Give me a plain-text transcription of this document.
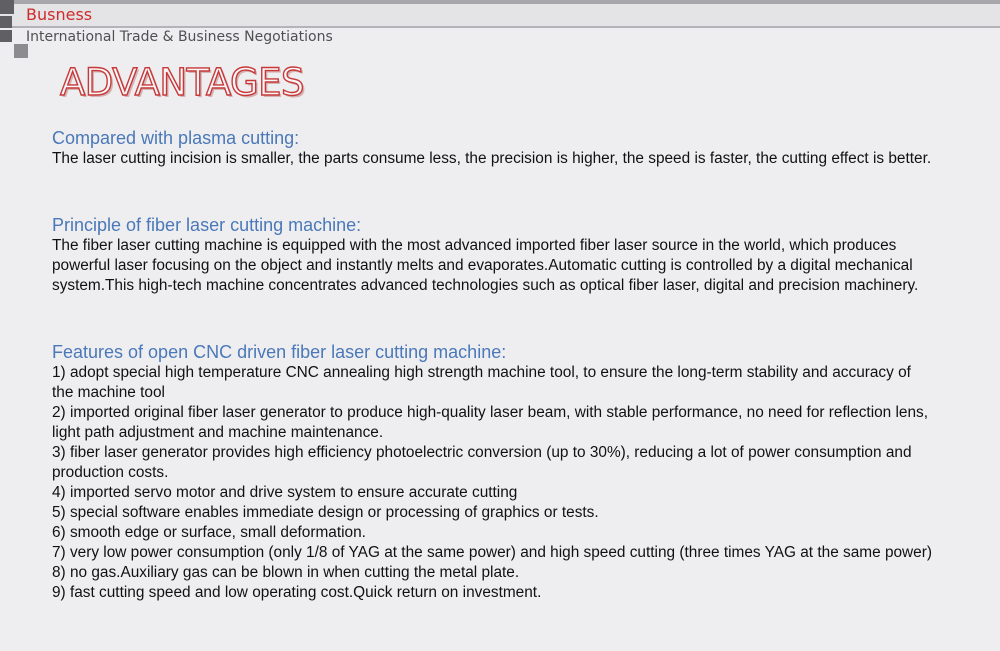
Busness
International Trade & Business Negotiations
ADVANTAGES
Compared with plasma cutting:

The laser cutting incision is smaller, the parts consume less, the precision is higher, the speed is faster, the cutting effect is better.

Principle of fiber laser cutting machine:

The fiber laser cutting machine is equipped with the most advanced imported fiber laser source in the world, which produces powerful laser focusing on the object and instantly melts and evaporates.Automatic cutting is controlled by a digital mechanical system.This high-tech machine concentrates advanced technologies such as optical fiber laser, digital and precision machinery.

Features of open CNC driven fiber laser cutting machine:
1) adopt special high temperature CNC annealing high strength machine tool, to ensure the long-term stability and accuracy of the machine tool
2) imported original fiber laser generator to produce high-quality laser beam, with stable performance, no need for reflection lens, light path adjustment and machine maintenance.
3) fiber laser generator provides high efficiency photoelectric conversion (up to 30%), reducing a lot of power consumption and production costs.
4) imported servo motor and drive system to ensure accurate cutting
5) special software enables immediate design or processing of graphics or tests.
6) smooth edge or surface, small deformation.
7) very low power consumption (only 1/8 of YAG at the same power) and high speed cutting (three times YAG at the same power)
8) no gas.Auxiliary gas can be blown in when cutting the metal plate.
9) fast cutting speed and low operating cost.Quick return on investment.
